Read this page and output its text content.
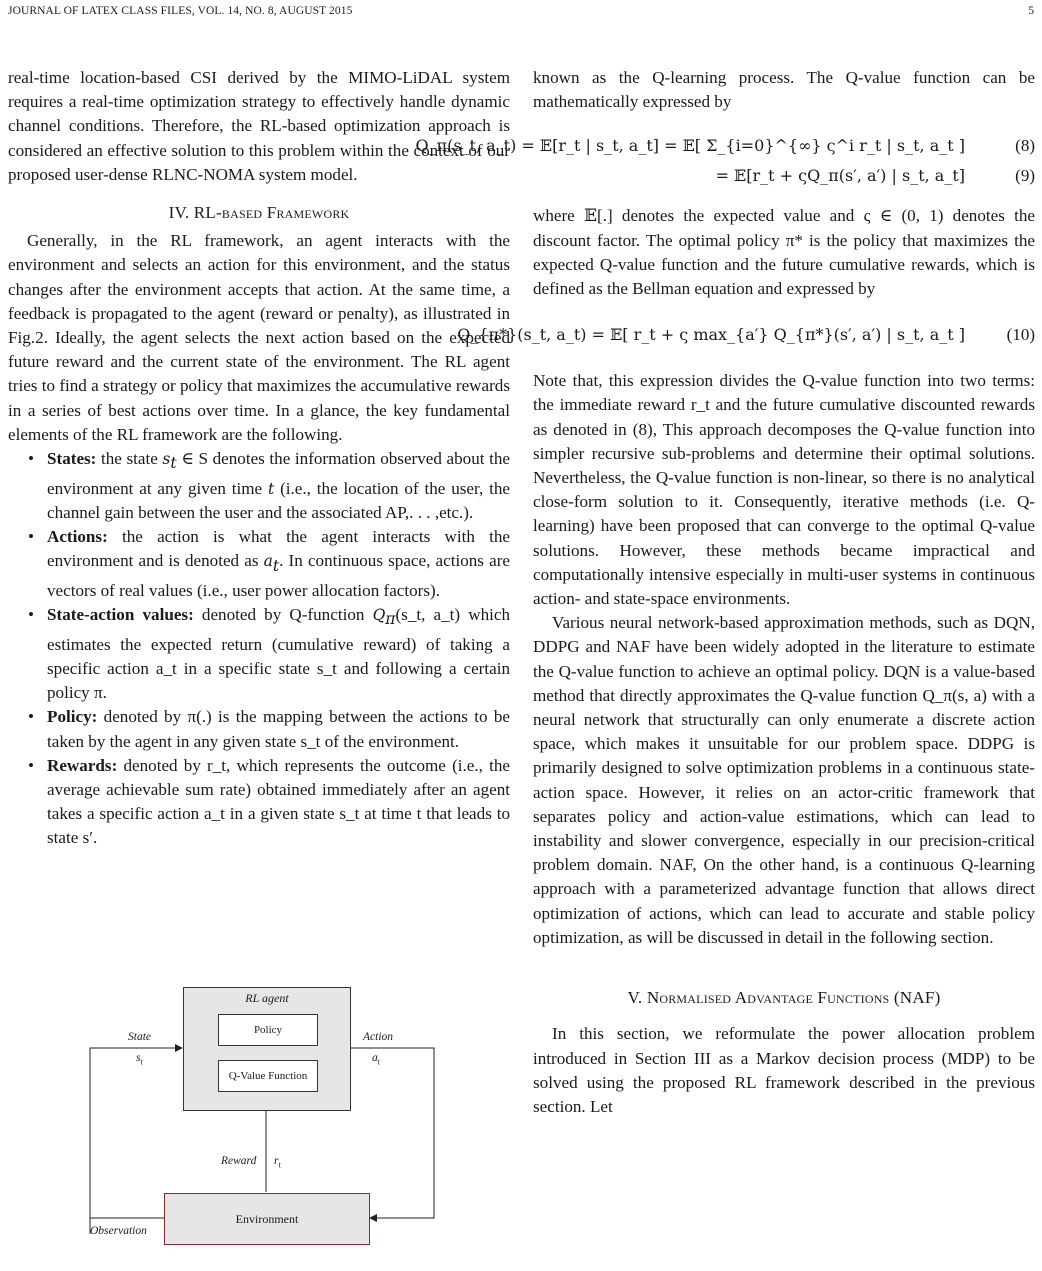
JOURNAL OF LATEX CLASS FILES, VOL. 14, NO. 8, AUGUST 2015	5

real-time location-based CSI derived by the MIMO-LiDAL system requires a real-time optimization strategy to effectively handle dynamic channel conditions. Therefore, the RL-based optimization approach is considered an effective solution to this problem within the context of our proposed user-dense RLNC-NOMA system model.

IV. RL-based Framework

Generally, in the RL framework, an agent interacts with the environment and selects an action for this environment, and the status changes after the environment accepts that action. At the same time, a feedback is propagated to the agent (reward or penalty), as illustrated in Fig.2. Ideally, the agent selects the next action based on the expected future reward and the current state of the environment. The RL agent tries to find a strategy or policy that maximizes the accumulative rewards in a series of best actions over time. In a glance, the key fundamental elements of the RL framework are the following.

• States: the state $s_t$ ∈ S denotes the information observed about the environment at any given time t (i.e., the location of the user, the channel gain between the user and the associated AP,. . . ,etc.).
• Actions: the action is what the agent interacts with the environment and is denoted as $a_t$. In continuous space, actions are vectors of real values (i.e., user power allocation factors).
• State-action values: denoted by Q-function $Q_\pi(s\_t$, a_t) which estimates the expected return (cumulative reward) of taking a specific action a_t in a specific state s_t and following a certain policy π.
• Policy: denoted by π(.) is the mapping between the actions to be taken by the agent in any given state s_t of the environment.
• Rewards: denoted by r_t, which represents the outcome (i.e., the average achievable sum rate) obtained immediately after an agent takes a specific action a_t in a given state s_t at time t that leads to state s′.
RL agent
Policy
Q-Value Function
Environment
State
$s_t$
Action
$a_t$
Reward $r_t$
Observation

known as the Q-learning process. The Q-value function can be mathematically expressed by

Q_π(s_t, a_t) = 𝔼[r_t | s_t, a_t] = 𝔼[ Σ_{i=0}^{∞} ς^i r_t | s_t, a_t ]	(8)
= 𝔼[r_t + ςQ_π(s′, a′) | s_t, a_t]	(9)

where 𝔼[.] denotes the expected value and ς ∈ (0, 1) denotes the discount factor. The optimal policy π* is the policy that maximizes the expected Q-value function and the future cumulative rewards, which is defined as the Bellman equation and expressed by

Q_{π*}(s_t, a_t) = 𝔼[ r_t + ς max_{a′} Q_{π*}(s′, a′) | s_t, a_t ] (10)

Note that, this expression divides the Q-value function into two terms: the immediate reward r_t and the future cumulative discounted rewards as denoted in (8), This approach decomposes the Q-value function into simpler recursive sub-problems and determine their optimal solutions. Nevertheless, the Q-value function is non-linear, so there is no analytical close-form solution to it. Consequently, iterative methods (i.e. Q-learning) have been proposed that can converge to the optimal Q-value solutions. However, these methods became impractical and computationally intensive especially in multi-user systems in continuous action- and state-space environments.

Various neural network-based approximation methods, such as DQN, DDPG and NAF have been widely adopted in the literature to estimate the Q-value function to achieve an optimal policy. DQN is a value-based method that directly approximates the Q-value function Q_π(s, a) with a neural network that structurally can only enumerate a discrete action space, which makes it unsuitable for our problem space. DDPG is primarily designed to solve optimization problems in a continuous state-action space. However, it relies on an actor-critic framework that separates policy and action-value estimations, which can lead to instability and slower convergence, especially in our precision-critical problem domain. NAF, On the other hand, is a continuous Q-learning approach with a parameterized advantage function that allows direct optimization of actions, which can lead to accurate and stable policy optimization, as will be discussed in detail in the following section.

V. Normalised Advantage Functions (NAF)

In this section, we reformulate the power allocation problem introduced in Section III as a Markov decision process (MDP) to be solved using the proposed RL framework described in the previous section. Let
